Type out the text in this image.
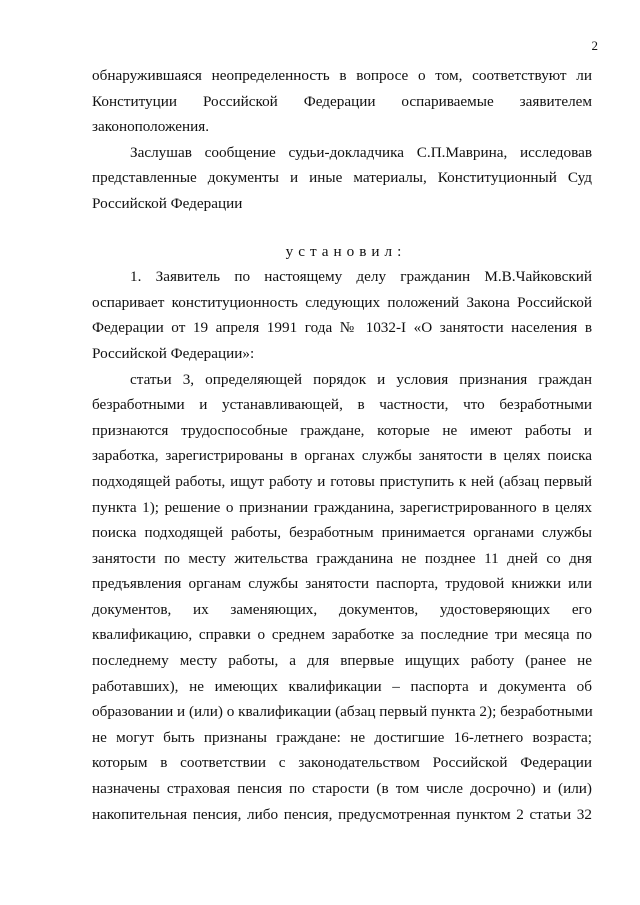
2
обнаружившаяся неопределенность в вопросе о том, соответствуют ли
Конституции Российской Федерации оспариваемые заявителем
законоположения.
Заслушав сообщение судьи-докладчика С.П.Маврина, исследовав
представленные документы и иные материалы, Конституционный Суд
Российской Федерации
установил:
1. Заявитель по настоящему делу гражданин М.В.Чайковский
оспаривает конституционность следующих положений Закона Российской
Федерации от 19 апреля 1991 года № 1032-I «О занятости населения в
Российской Федерации»:
статьи 3, определяющей порядок и условия признания граждан
безработными и устанавливающей, в частности, что безработными
признаются трудоспособные граждане, которые не имеют работы и
заработка, зарегистрированы в органах службы занятости в целях поиска
подходящей работы, ищут работу и готовы приступить к ней (абзац первый
пункта 1); решение о признании гражданина, зарегистрированного в целях
поиска подходящей работы, безработным принимается органами службы
занятости по месту жительства гражданина не позднее 11 дней со дня
предъявления органам службы занятости паспорта, трудовой книжки или
документов, их заменяющих, документов, удостоверяющих его
квалификацию, справки о среднем заработке за последние три месяца по
последнему месту работы, а для впервые ищущих работу (ранее не
работавших), не имеющих квалификации – паспорта и документа об
образовании и (или) о квалификации (абзац первый пункта 2); безработными
не могут быть признаны граждане: не достигшие 16-летнего возраста;
которым в соответствии с законодательством Российской Федерации
назначены страховая пенсия по старости (в том числе досрочно) и (или)
накопительная пенсия, либо пенсия, предусмотренная пунктом 2 статьи 32
